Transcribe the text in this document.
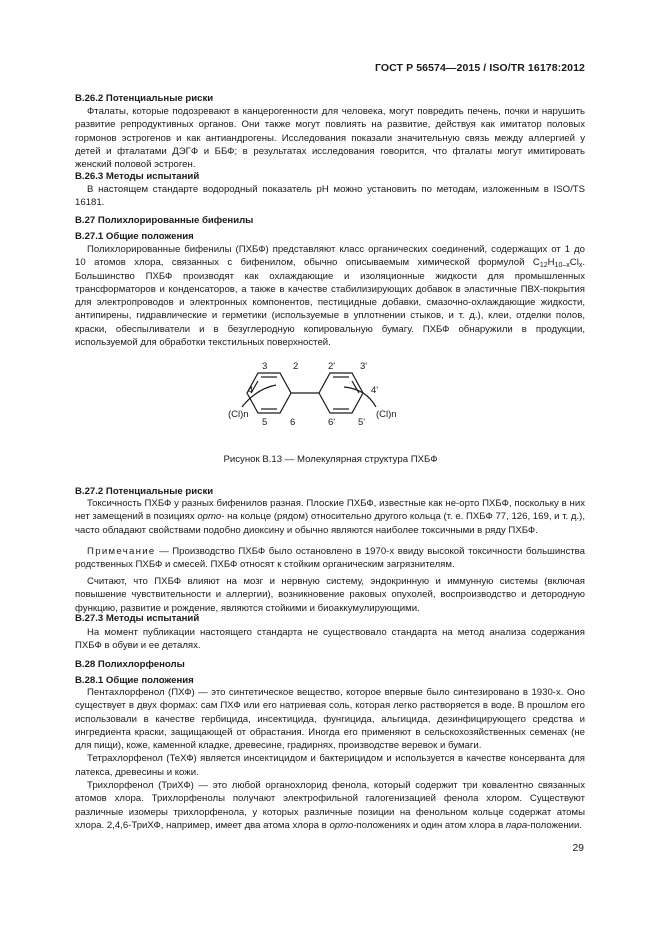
ГОСТ Р 56574—2015 / ISO/TR 16178:2012
В.26.2 Потенциальные риски

Фталаты, которые подозревают в канцерогенности для человека, могут повредить печень, почки и нарушить развитие репродуктивных органов. Они также могут повлиять на развитие, действуя как имитатор половых гормонов эстрогенов и как антиандрогены. Исследования показали значительную связь между аллергией у детей и фталатами ДЭГФ и ББФ; в результатах исследования говорится, что фталаты могут имитировать женский половой эстроген.

В.26.3 Методы испытаний

В настоящем стандарте водородный показатель pH можно установить по методам, изложенным в ISO/TS 16181.

В.27 Полихлорированные бифенилы
В.27.1 Общие положения

Полихлорированные бифенилы (ПХБФ) представляют класс органических соединений, содержащих от 1 до 10 атомов хлора, связанных с бифенилом, обычно описываемым химической формулой $C_{12}H_{10-x}Cl_x$. Большинство ПХБФ производят как охлаждающие и изоляционные жидкости для промышленных трансформаторов и конденсаторов, а также в качестве стабилизирующих добавок в эластичные ПВХ-покрытия для электропроводов и электронных компонентов, пестицидные добавки, смазочно-охлаждающие жидкости, антипирены, гидравлические и герметики (используемые в уплотнении стыков, и т. д.), клеи, отделки полов, краски, обеспыливатели и в безуглеродную копировальную бумагу. ПХБФ обнаружили в продукции, используемой для обработки текстильных поверхностей.

3	2
4
5 6
2'	3'
4'
6' 5'
(Cl)n	(Cl)n
Рисунок В.13 — Молекулярная структура ПХБФ
В.27.2 Потенциальные риски

Токсичность ПХБФ у разных бифенилов разная. Плоские ПХБФ, известные как не-орто ПХБФ, поскольку в них нет замещений в позициях орто- на кольце (рядом) относительно другого кольца (т. е. ПХБФ 77, 126, 169, и т. д.), часто обладают свойствами подобно диоксину и обычно являются наиболее токсичными в ряду ПХБФ.

Примечание — Производство ПХБФ было остановлено в 1970-х ввиду высокой токсичности большинства родственных ПХБФ и смесей. ПХБФ относят к стойким органическим загрязнителям.

Считают, что ПХБФ влияют на мозг и нервную систему, эндокринную и иммунную системы (включая повышение чувствительности и аллергии), возникновение раковых опухолей, воспроизводство и детородную функцию, развитие и рождение, являются стойкими и биоаккумулирующими.

В.27.3 Методы испытаний

На момент публикации настоящего стандарта не существовало стандарта на метод анализа содержания ПХБФ в обуви и ее деталях.

В.28 Полихлорфенолы
В.28.1 Общие положения

Пентахлорфенол (ПХФ) — это синтетическое вещество, которое впервые было синтезировано в 1930-х. Оно существует в двух формах: сам ПХФ или его натриевая соль, которая легко растворяется в воде. В прошлом его использовали в качестве гербицида, инсектицида, фунгицида, альгицида, дезинфицирующего средства и ингредиента краски, защищающей от обрастания. Иногда его применяют в сельскохозяйственных семенах (не для пищи), коже, каменной кладке, древесине, градирнях, производстве веревок и бумаги.

Тетрахлорфенол (ТеХФ) является инсектицидом и бактерицидом и используется в качестве консерванта для латекса, древесины и кожи.

Трихлорфенол (ТриХФ) — это любой органохлорид фенола, который содержит три ковалентно связанных атомов хлора. Трихлорфенолы получают электрофильной галогенизацией фенола хлором. Существуют различные изомеры трихлорфенола, у которых различные позиции на фенольном кольце содержат атомы хлора. 2,4,6-ТриХФ, например, имеет два атома хлора в орто-положениях и один атом хлора в пара-положении.

29
